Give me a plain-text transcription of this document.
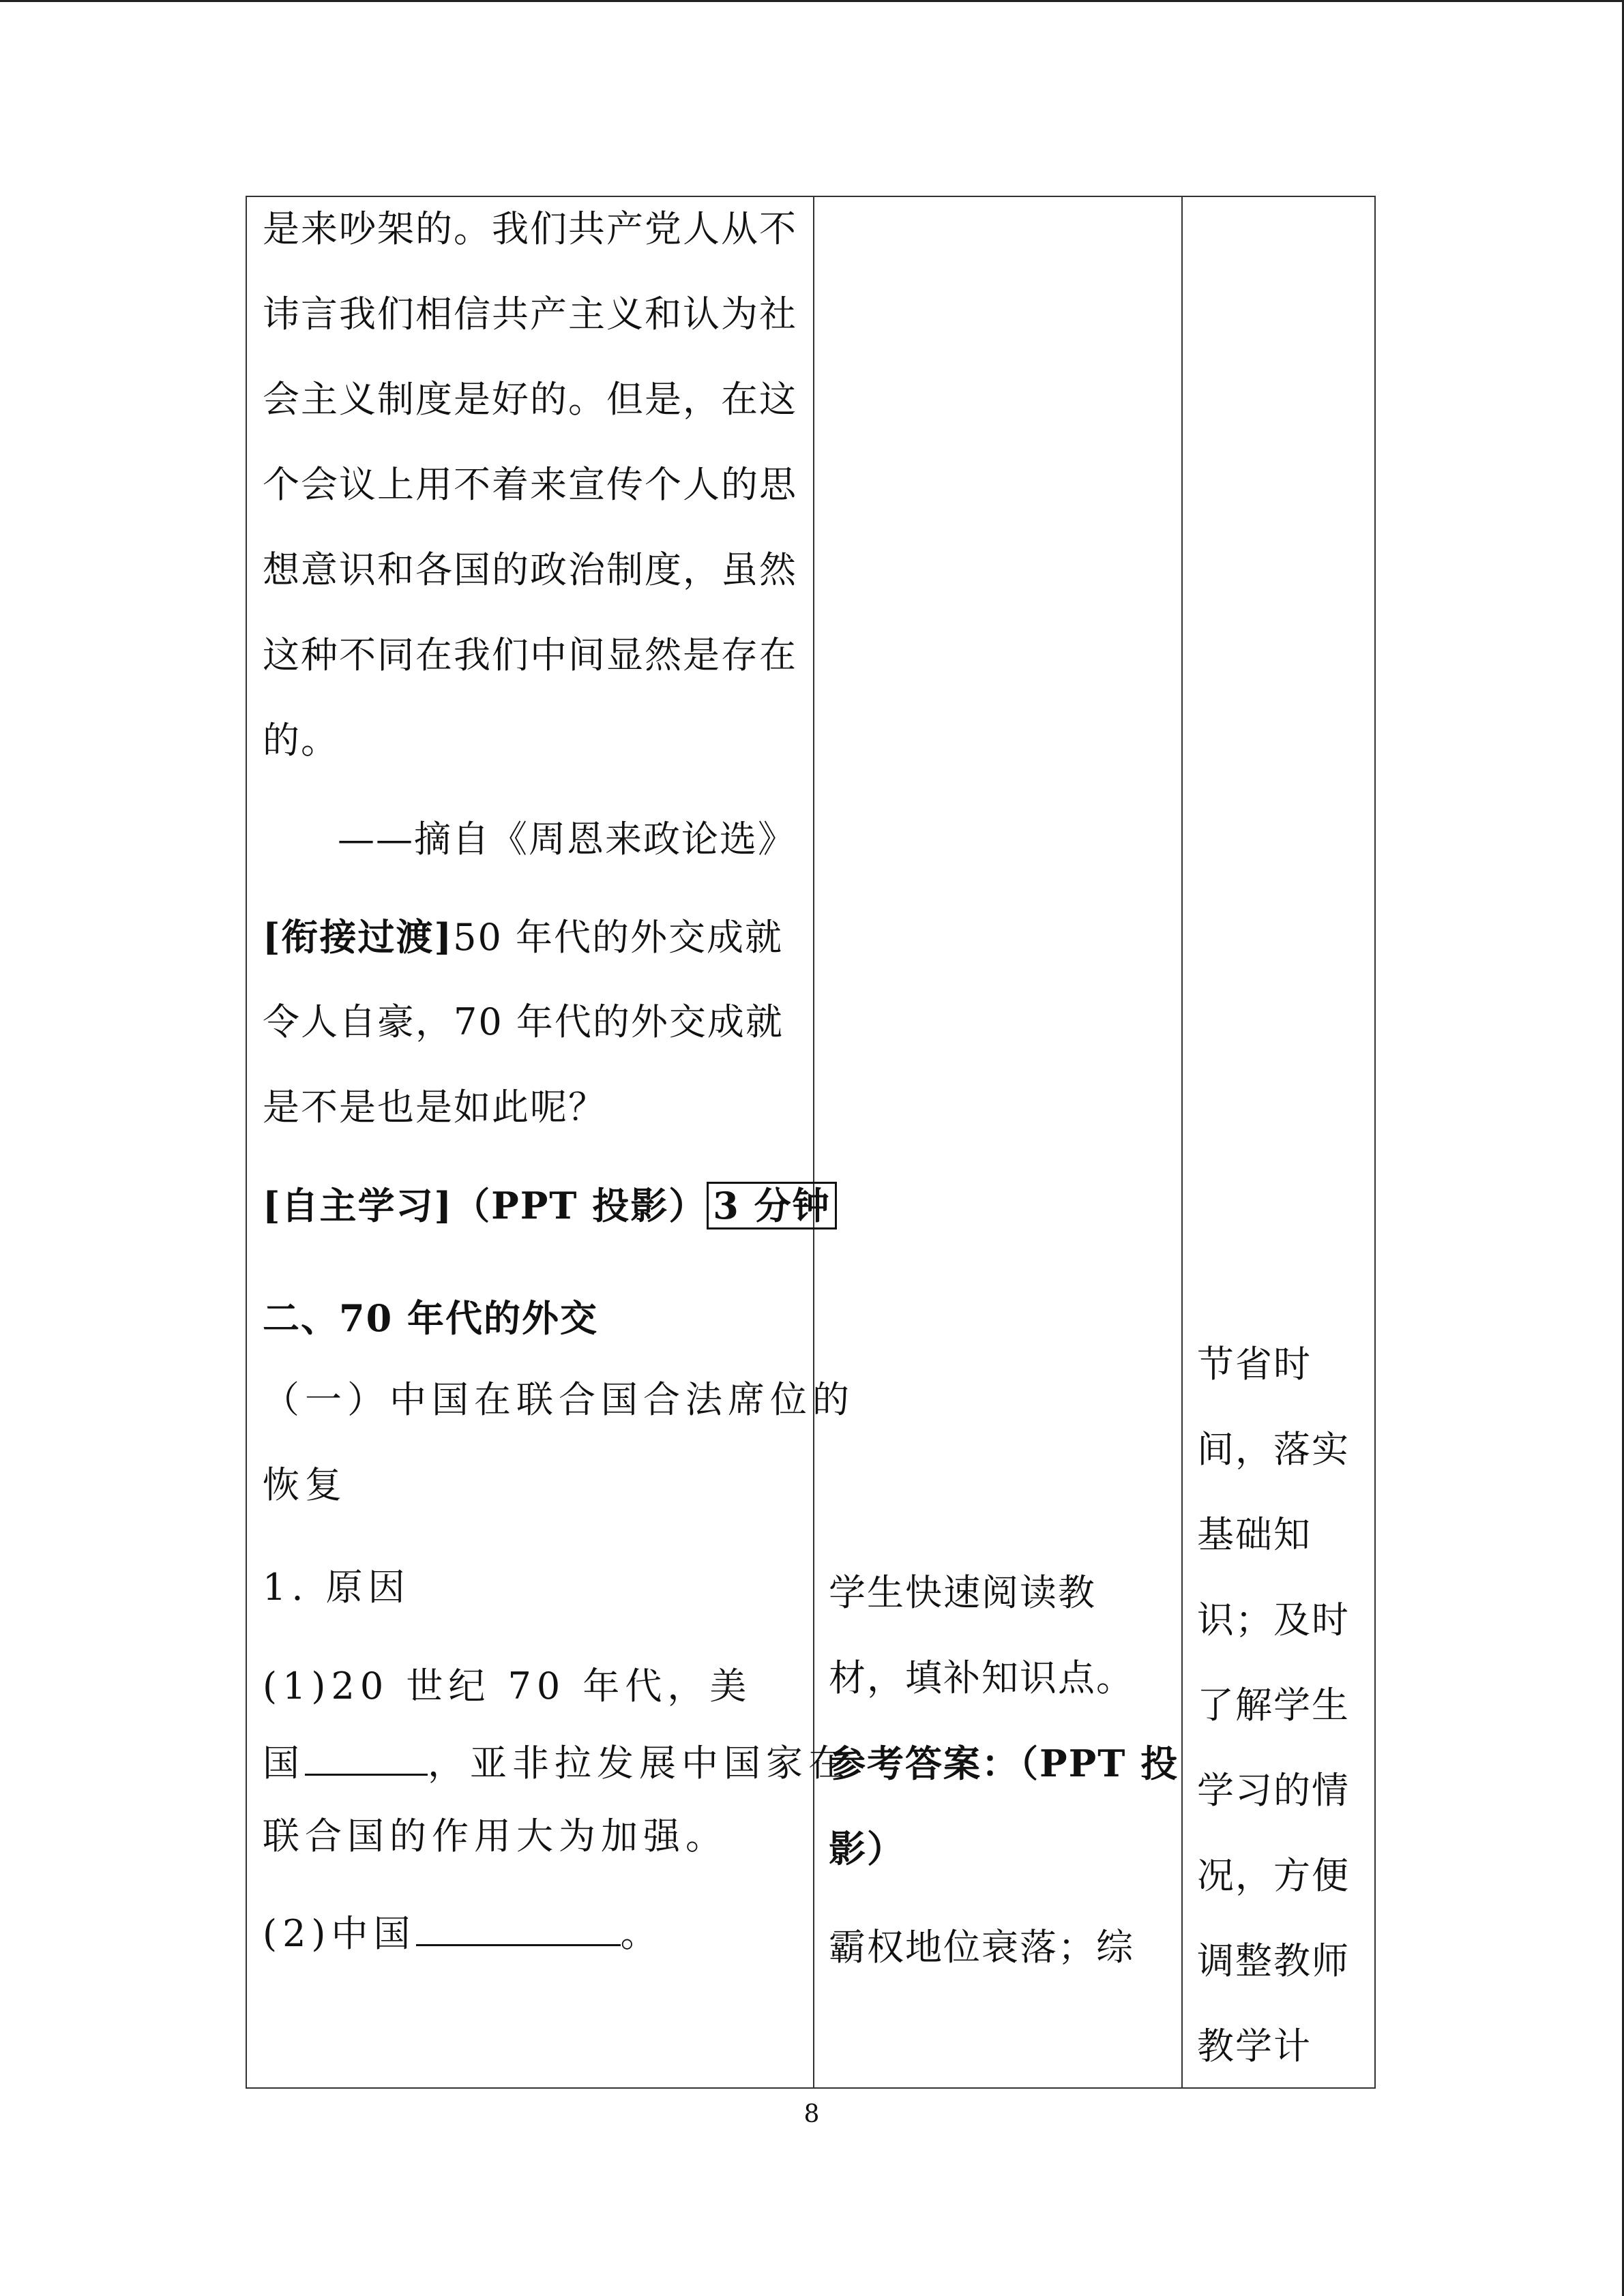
是来吵架的。我们共产党人从不
讳言我们相信共产主义和认为社
会主义制度是好的。但是，在这
个会议上用不着来宣传个人的思
想意识和各国的政治制度，虽然
这种不同在我们中间显然是存在
的。
——摘自《周恩来政论选》
[衔接过渡]50 年代的外交成就
令人自豪，70 年代的外交成就
是不是也是如此呢？
[自主学习]（PPT 投影） 3 分钟
二、70 年代的外交
（一）中国在联合国合法席位的
恢复
1. 原因
(1)20 世纪 70 年代，美
国	，亚非拉发展中国家在
联合国的作用大为加强。
(2)中国	。
学生快速阅读教
材，填补知识点。
参考答案：（PPT 投
影）
霸权地位衰落；综
节省时
间，落实
基础知
识；及时
了解学生
学习的情
况，方便
调整教师
教学计
8
